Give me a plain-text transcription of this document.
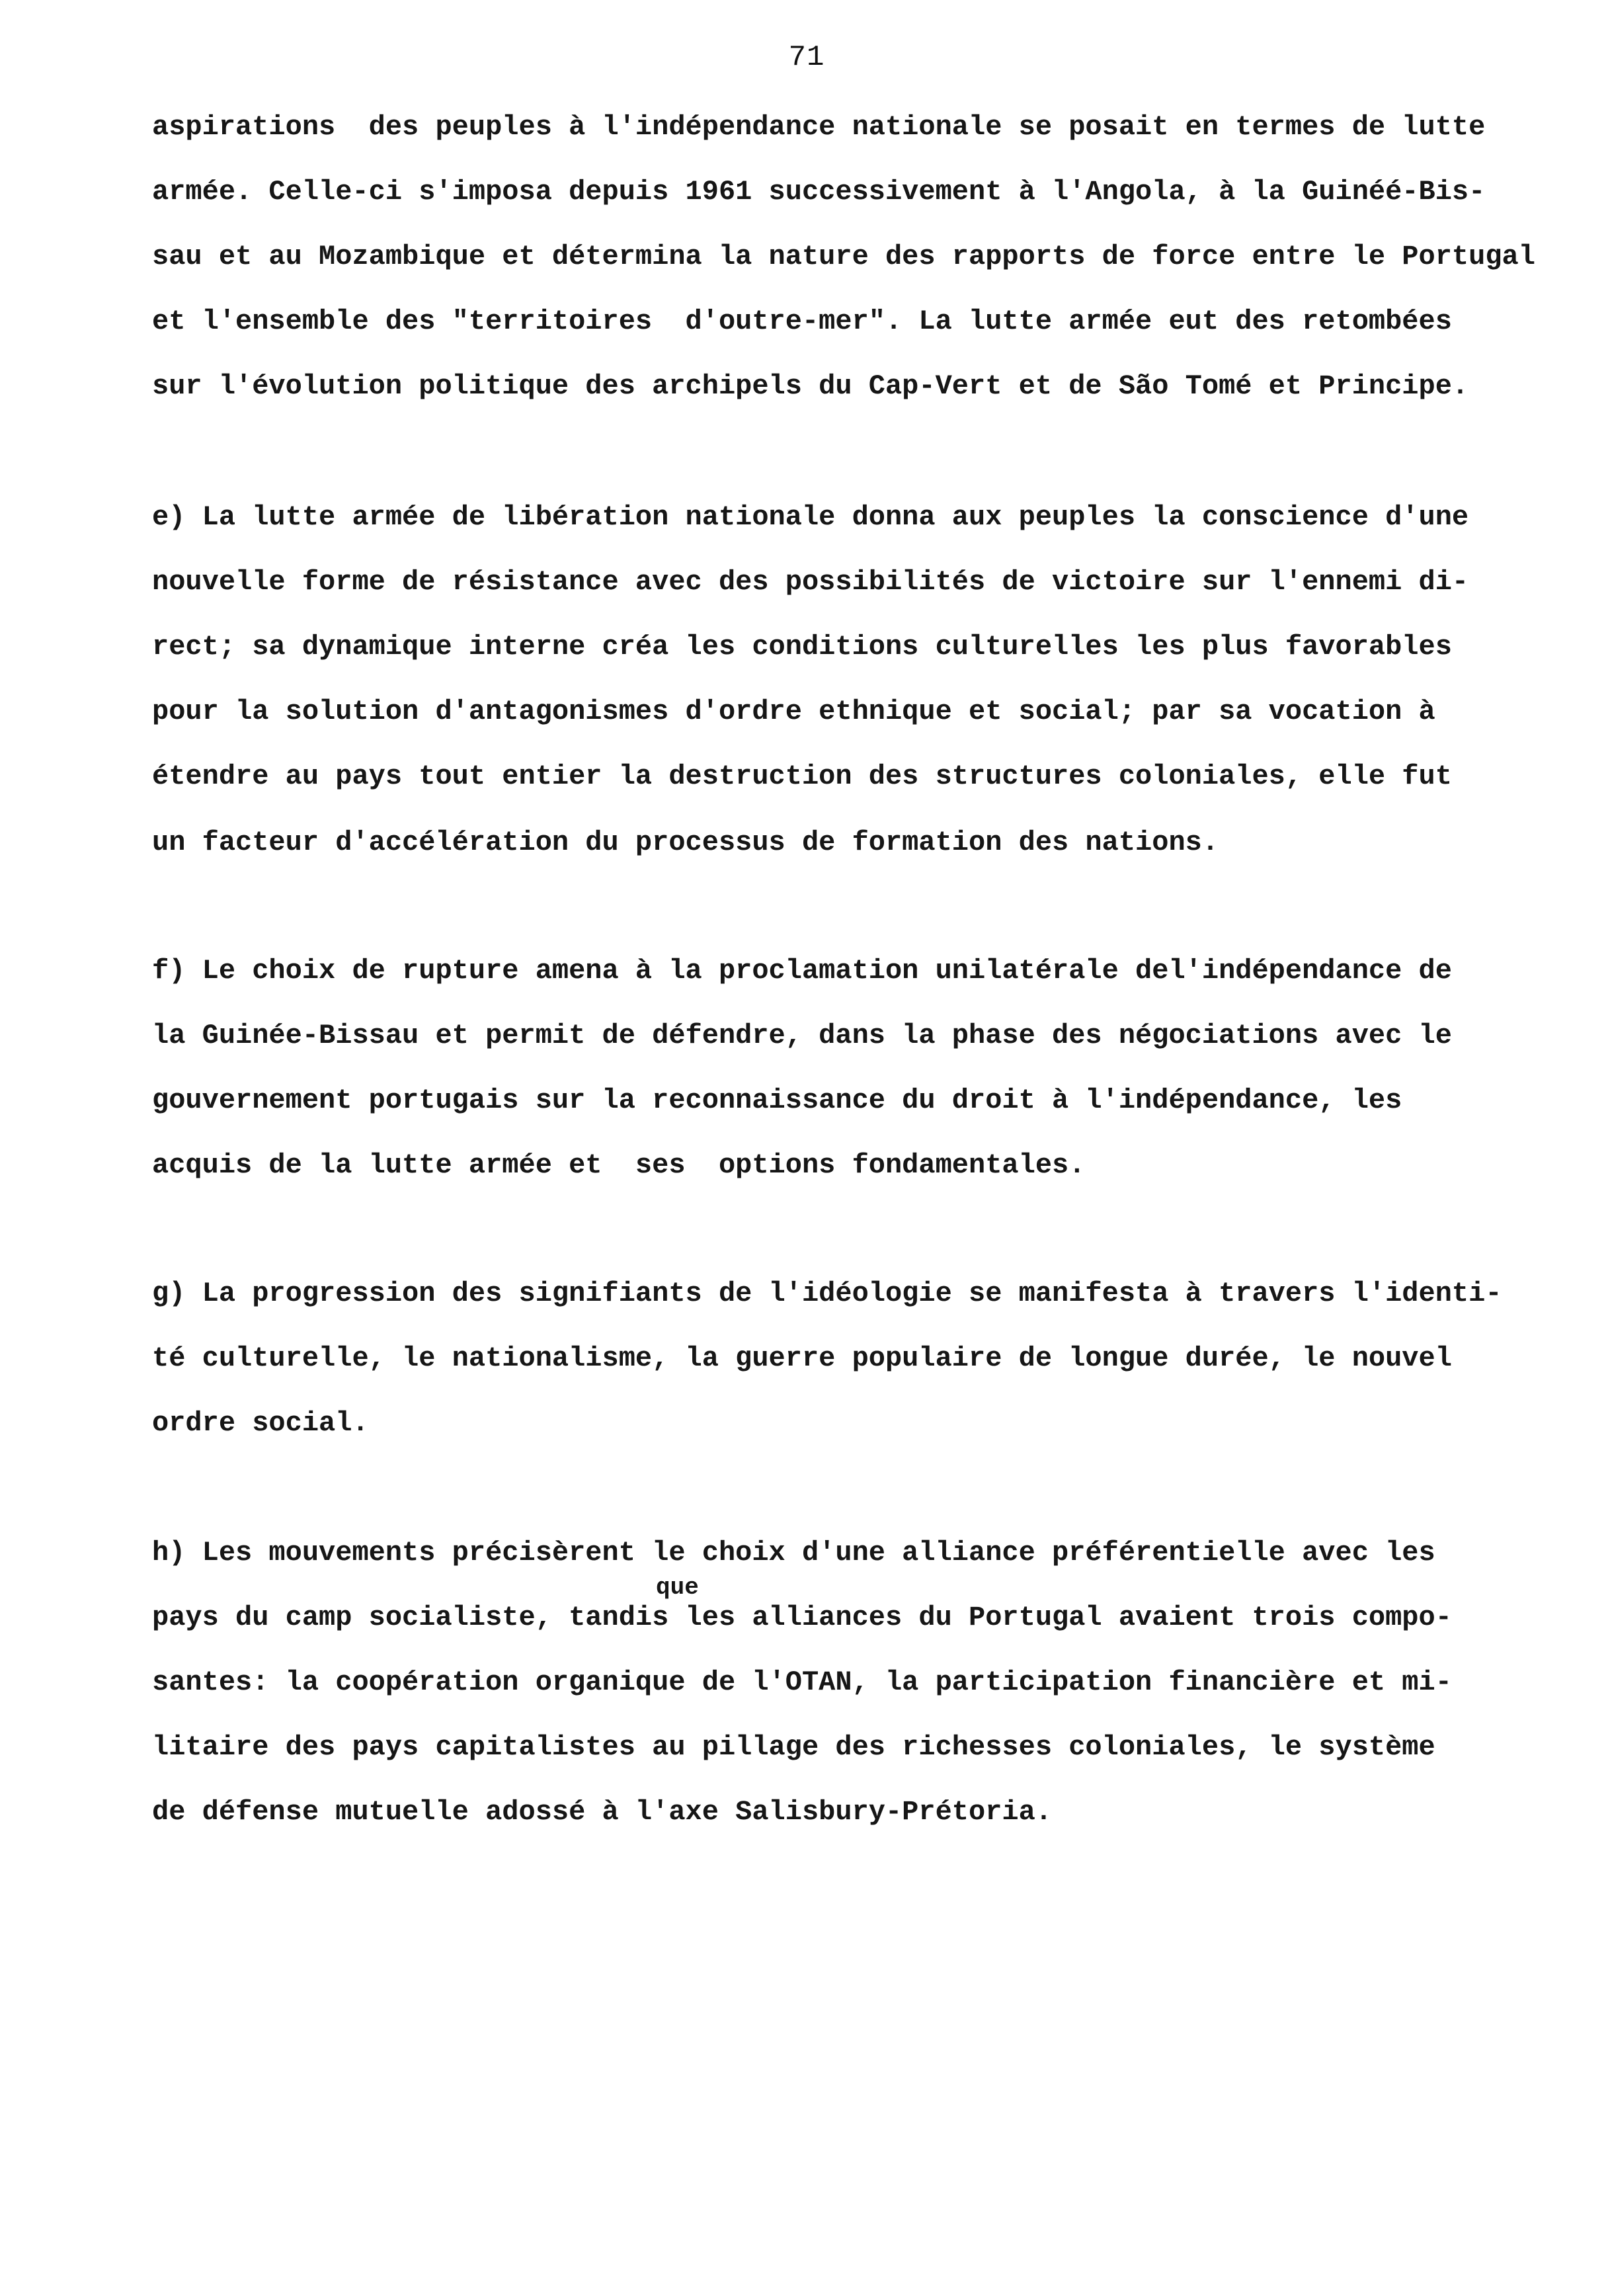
71
aspirations  des peuples à l'indépendance nationale se posait en termes de lutte
armée. Celle-ci s'imposa depuis 1961 successivement à l'Angola, à la Guinéé-Bis-
sau et au Mozambique et détermina la nature des rapports de force entre le Portugal
et l'ensemble des "territoires  d'outre-mer". La lutte armée eut des retombées
sur l'évolution politique des archipels du Cap-Vert et de São Tomé et Principe.
e) La lutte armée de libération nationale donna aux peuples la conscience d'une
nouvelle forme de résistance avec des possibilités de victoire sur l'ennemi di-
rect; sa dynamique interne créa les conditions culturelles les plus favorables
pour la solution d'antagonismes d'ordre ethnique et social; par sa vocation à
étendre au pays tout entier la destruction des structures coloniales, elle fut
un facteur d'accélération du processus de formation des nations.
f) Le choix de rupture amena à la proclamation unilatérale del'indépendance de
la Guinée-Bissau et permit de défendre, dans la phase des négociations avec le
gouvernement portugais sur la reconnaissance du droit à l'indépendance, les
acquis de la lutte armée et  ses  options fondamentales.
g) La progression des signifiants de l'idéologie se manifesta à travers l'identi-
té culturelle, le nationalisme, la guerre populaire de longue durée, le nouvel
ordre social.
h) Les mouvements précisèrent le choix d'une alliance préférentielle avec les
que
pays du camp socialiste, tandis les alliances du Portugal avaient trois compo-
santes: la coopération organique de l'OTAN, la participation financière et mi-
litaire des pays capitalistes au pillage des richesses coloniales, le système
de défense mutuelle adossé à l'axe Salisbury-Prétoria.
